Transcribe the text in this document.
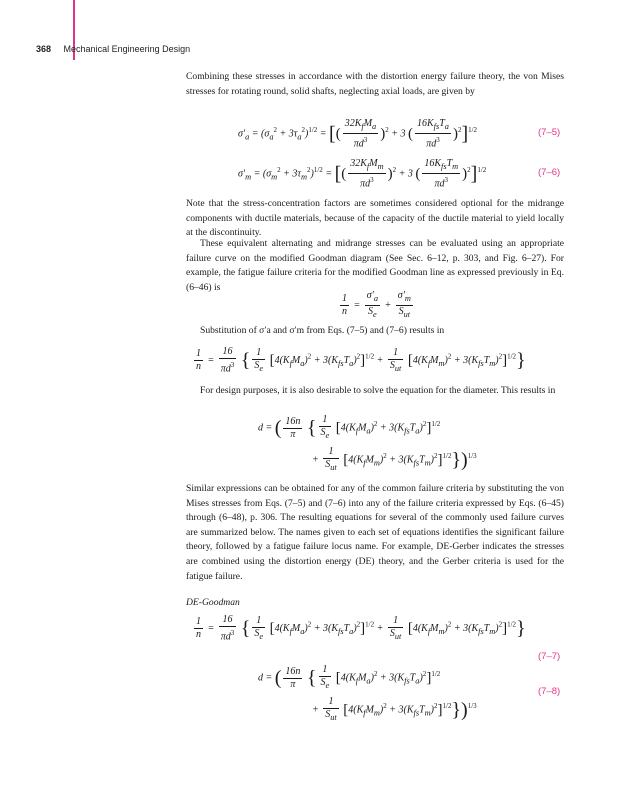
368 Mechanical Engineering Design

Combining these stresses in accordance with the distortion energy failure theory, the von Mises stresses for rotating round, solid shafts, neglecting axial loads, are given by

$\sigma'_a = (\sigma_a^2 + 3\tau_a^2)^{1/2}$ = [( $\frac{32K_fM_a}{\pi d^3} )^2 + 3$ ( $\frac{16K_{fs}T_a}{\pi d^3} )^2]^{1/2}$	(7–5)
$\sigma'_m = (\sigma_m^2 + 3\tau_m^2)^{1/2}$ = [( $\frac{32K_fM_m}{\pi d^3} )^2 + 3$ ( $\frac{16K_{fs}T_m}{\pi d^3} )^2]^{1/2}$	(7–6)

Note that the stress-concentration factors are sometimes considered optional for the midrange components with ductile materials, because of the capacity of the ductile material to yield locally at the discontinuity.

These equivalent alternating and midrange stresses can be evaluated using an appropriate failure curve on the modified Goodman diagram (See Sec. 6–12, p. 303, and Fig. 6–27). For example, the fatigue failure criteria for the modified Goodman line as expressed previously in Eq. (6–46) is

$\frac{1}{n} = \frac{\sigma'_a}{S_e} + \frac{\sigma'_m}{S_{ut}}$

Substitution of σ′a and σ′m from Eqs. (7–5) and (7–6) results in

$\frac{1}{n} = \frac{16}{\pi d^3}$ { $\frac{1}{S_e} [4(K_fM_a)^2 + 3(K_{fs}T_a)^2]^{1/2} + \frac{1}{S_{ut}} [4(K_fM_m)^2 + 3(K_{fs}T_m)^2]^{1/2}$}

For design purposes, it is also desirable to solve the equation for the diameter. This results in

d = ( $\frac{16n}{\pi}$ { $\frac{1}{S_e} [4(K_fM_a)^2 + 3(K_{fs}T_a)^2]^{1/2}$
+ $\frac{1}{S_{ut}} [4(K_fM_m)^2 + 3(K_{fs}T_m)^2]^{1/2}\})^{1/3}$

Similar expressions can be obtained for any of the common failure criteria by substituting the von Mises stresses from Eqs. (7–5) and (7–6) into any of the failure criteria expressed by Eqs. (6–45) through (6–48), p. 306. The resulting equations for several of the commonly used failure curves are summarized below. The names given to each set of equations identifies the significant failure theory, followed by a fatigue failure locus name. For example, DE-Gerber indicates the stresses are combined using the distortion energy (DE) theory, and the Gerber criteria is used for the fatigue failure.

DE-Goodman
$\frac{1}{n} = \frac{16}{\pi d^3}$ { $\frac{1}{S_e} [4(K_fM_a)^2 + 3(K_{fs}T_a)^2]^{1/2} + \frac{1}{S_{ut}} [4(K_fM_m)^2 + 3(K_{fs}T_m)^2]^{1/2}$}
(7–7)
d = ( $\frac{16n}{\pi}$ { $\frac{1}{S_e} [4(K_fM_a)^2 + 3(K_{fs}T_a)^2]^{1/2}$
+ $\frac{1}{S_{ut}} [4(K_fM_m)^2 + 3(K_{fs}T_m)^2]^{1/2}\})^{1/3}$
(7–8)
